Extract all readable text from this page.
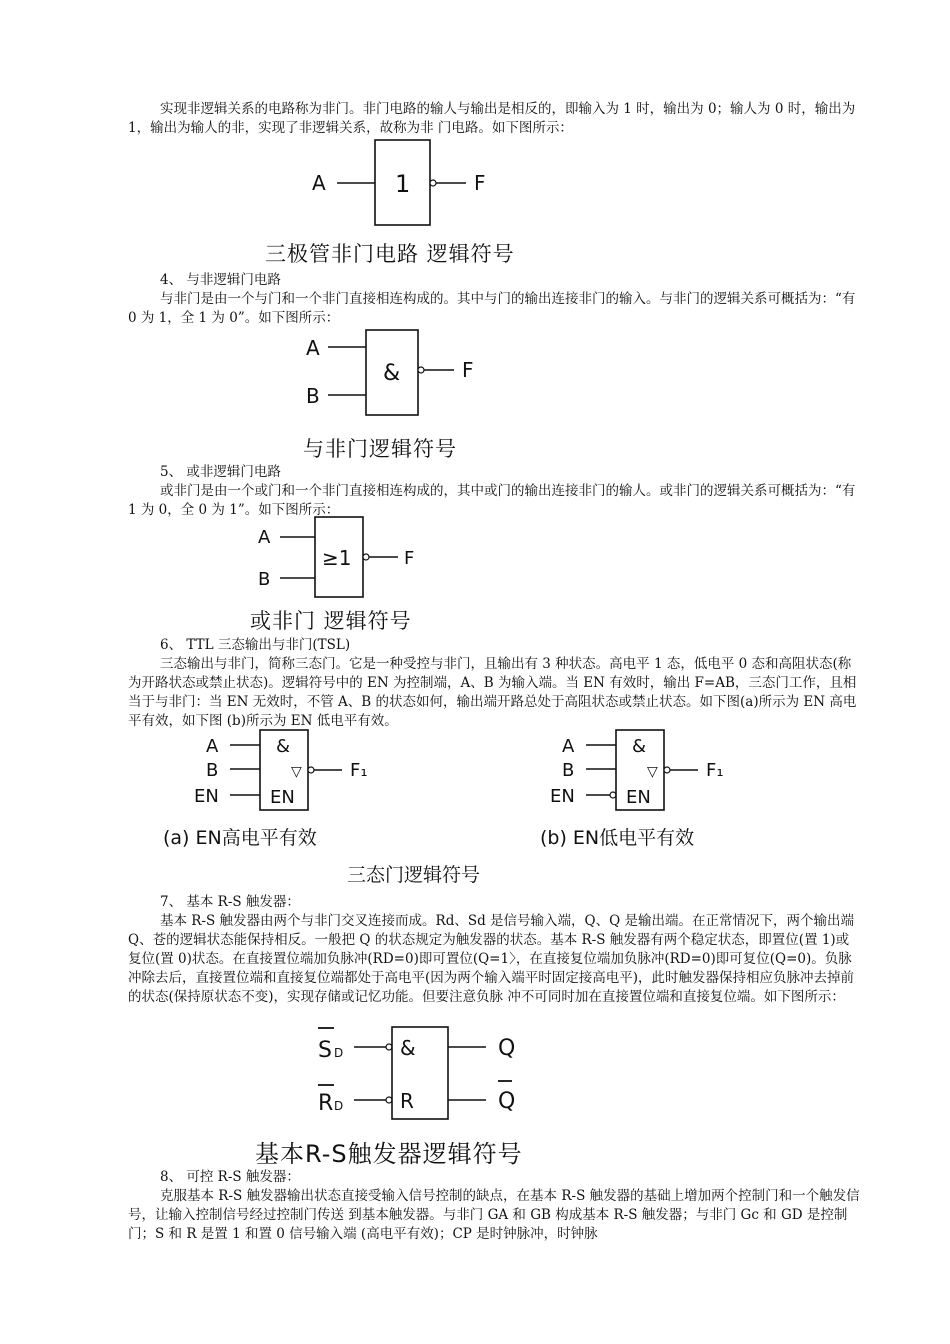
实现非逻辑关系的电路称为非门。非门电路的输人与输出是相反的，即输入为 1 时，输出为 0；输人为 0 时，输出为 1，输出为输人的非，实现了非逻辑关系，故称为非 门电路。如下图所示：
A	1	F
三极管非门电路 逻辑符号
4、 与非逻辑门电路
与非门是由一个与门和一个非门直接相连构成的。其中与门的输出连接非门的输入。与非门的逻辑关系可概括为：“有 0 为 1，全 1 为 0”。如下图所示：
A
B
&	F
与非门逻辑符号
5、 或非逻辑门电路
或非门是由一个或门和一个非门直接相连构成的，其中或门的输出连接非门的输人。或非门的逻辑关系可概括为：“有 1 为 0，全 0 为 1”。如下图所示：
A
B
≥1	F
或非门 逻辑符号
6、 TTL 三态输出与非门(TSL)
三态输出与非门，简称三态门。它是一种受控与非门，且输出有 3 种状态。高电平 1 态，低电平 0 态和高阻状态(称为开路状态或禁止状态)。逻辑符号中的 EN 为控制端，A、B 为输入端。当 EN 有效时，输出 F=AB，三态门工作，且相当于与非门：当 EN 无效时，不管 A、B 的状态如何，输出端开路总处于高阻状态或禁止状态。如下图(a)所示为 EN 高电平有效，如下图 (b)所示为 EN 低电平有效。
A
B
EN
&
▽
EN
F₁
(a) EN高电平有效
A
B
EN
&
▽
EN
F₁
(b) EN低电平有效
三态门逻辑符号
7、 基本 R-S 触发器：
基本 R-S 触发器由两个与非门交叉连接而成。Rd、Sd 是信号输入端，Q、Q 是输出端。在正常情况下，两个输出端 Q、苍的逻辑状态能保持相反。一般把 Q 的状态规定为触发器的状态。基本 R-S 触发器有两个稳定状态，即置位(置 1)或复位(置 0)状态。在直接置位端加负脉冲(RD=0)即可置位(Q=1〉，在直接复位端加负脉冲(RD=0)即可复位(Q=0)。负脉冲除去后，直接置位端和直接复位端都处于高电平(因为两个输入端平时固定接高电平)，此时触发器保持相应负脉冲去掉前的状态(保持原状态不变)，实现存储或记忆功能。但要注意负脉 冲不可同时加在直接置位端和直接复位端。如下图所示：
S D
R D
&
R
Q
Q
基本R-S触发器逻辑符号
8、 可控 R-S 触发器：
克服基本 R-S 触发器输出状态直接受输入信号控制的缺点，在基本 R-S 触发器的基础上增加两个控制门和一个触发信号，让输入控制信号经过控制门传送 到基本触发器。与非门 GA 和 GB 构成基本 R-S 触发器；与非门 Gc 和 GD 是控制门；S 和 R 是置 1 和置 0 信号输入端 (高电平有效)；CP 是时钟脉冲，时钟脉
